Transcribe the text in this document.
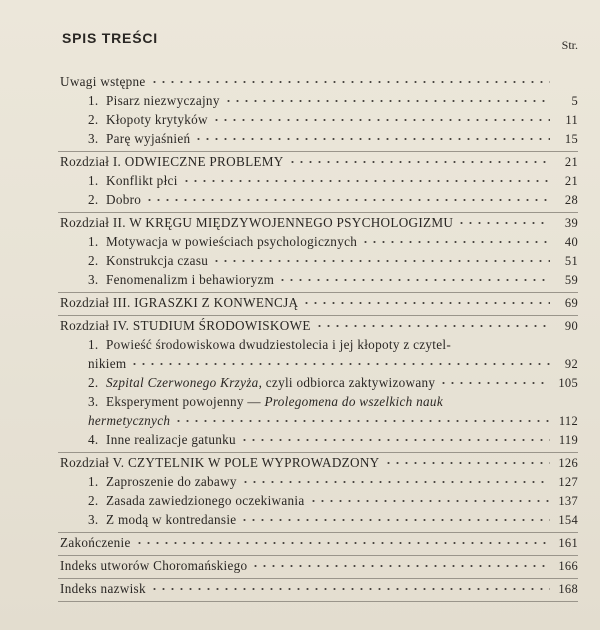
SPIS TREŚCI	Str.
Uwagi wstępne
1. Pisarz niezwyczajny	5
2. Kłopoty krytyków	11
3. Parę wyjaśnień	15
Rozdział I. ODWIECZNE PROBLEMY	21
1. Konflikt płci	21
2. Dobro	28
Rozdział II. W KRĘGU MIĘDZYWOJENNEGO PSYCHOLOGIZMU	39
1. Motywacja w powieściach psychologicznych	40
2. Konstrukcja czasu	51
3. Fenomenalizm i behawioryzm	59
Rozdział III. IGRASZKI Z KONWENCJĄ	69
Rozdział IV. STUDIUM ŚRODOWISKOWE	90
1. Powieść środowiskowa dwudziestolecia i jej kłopoty z czytel-
nikiem	92
2. Szpital Czerwonego Krzyża, czyli odbiorca zaktywizowany	105
3. Eksperyment powojenny — Prolegomena do wszelkich nauk
hermetycznych	112
4. Inne realizacje gatunku	119
Rozdział V. CZYTELNIK W POLE WYPROWADZONY	126
1. Zaproszenie do zabawy	127
2. Zasada zawiedzionego oczekiwania	137
3. Z modą w kontredansie	154
Zakończenie	161
Indeks utworów Choromańskiego	166
Indeks nazwisk	168
